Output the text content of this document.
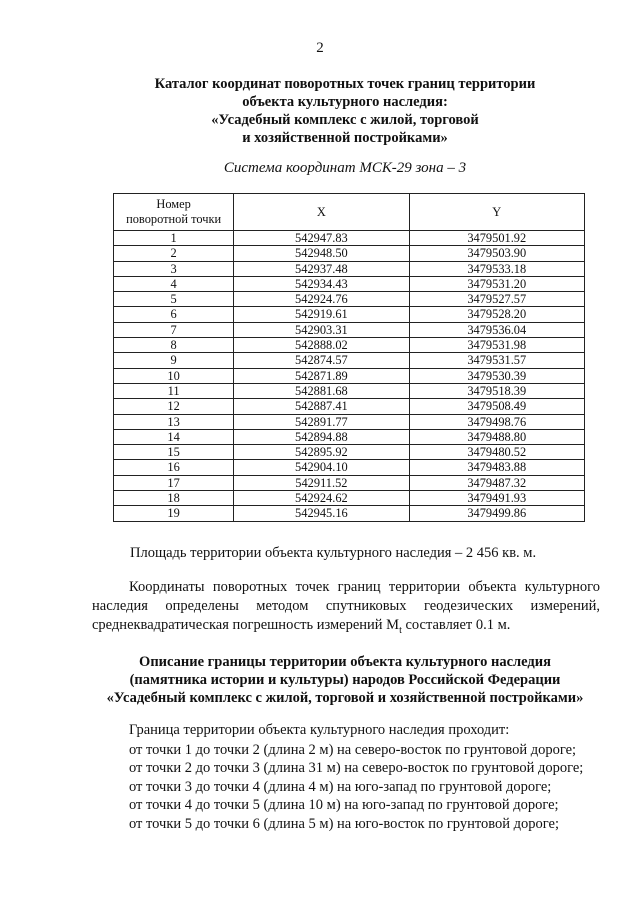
2
Каталог координат поворотных точек границ территории
объекта культурного наследия:
«Усадебный комплекс с жилой, торговой
и хозяйственной постройками»
Система координат МСК-29 зона – 3
Номер
поворотной точки	X	Y
1	542947.83	3479501.92
2	542948.50	3479503.90
3	542937.48	3479533.18
4	542934.43	3479531.20
5	542924.76	3479527.57
6	542919.61	3479528.20
7	542903.31	3479536.04
8	542888.02	3479531.98
9	542874.57	3479531.57
10	542871.89	3479530.39
11	542881.68	3479518.39
12	542887.41	3479508.49
13	542891.77	3479498.76
14	542894.88	3479488.80
15	542895.92	3479480.52
16	542904.10	3479483.88
17	542911.52	3479487.32
18	542924.62	3479491.93
19	542945.16	3479499.86
Площадь территории объекта культурного наследия – 2 456 кв. м.
Координаты поворотных точек границ территории объекта культурного наследия определены методом спутниковых геодезических измерений, среднеквадратическая погрешность измерений $M_t$ составляет 0.1 м.
Описание границы территории объекта культурного наследия
(памятника истории и культуры) народов Российской Федерации
«Усадебный комплекс с жилой, торговой и хозяйственной постройками»
Граница территории объекта культурного наследия проходит:
от точки 1 до точки 2 (длина 2 м) на северо-восток по грунтовой дороге;
от точки 2 до точки 3 (длина 31 м) на северо-восток по грунтовой дороге;
от точки 3 до точки 4 (длина 4 м) на юго-запад по грунтовой дороге;
от точки 4 до точки 5 (длина 10 м) на юго-запад по грунтовой дороге;
от точки 5 до точки 6 (длина 5 м) на юго-восток по грунтовой дороге;
